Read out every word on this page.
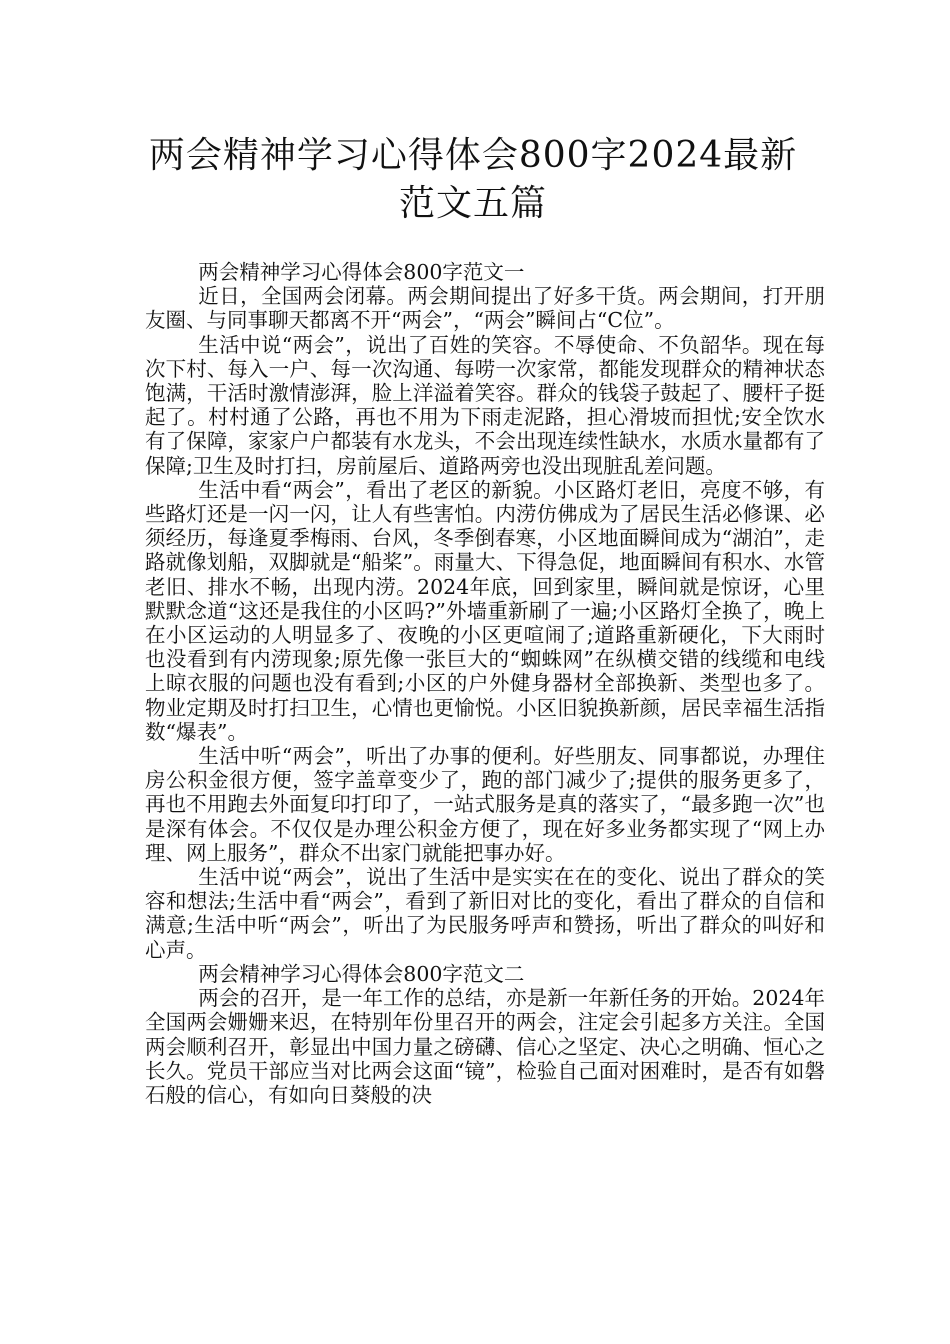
两会精神学习心得体会800字2024最新范文五篇

两会精神学习心得体会800字范文一

近日，全国两会闭幕。两会期间提出了好多干货。两会期间，打开朋友圈、与同事聊天都离不开“两会”，“两会”瞬间占“C位”。

生活中说“两会”，说出了百姓的笑容。不辱使命、不负韶华。现在每次下村、每入一户、每一次沟通、每唠一次家常，都能发现群众的精神状态饱满，干活时激情澎湃，脸上洋溢着笑容。群众的钱袋子鼓起了、腰杆子挺起了。村村通了公路，再也不用为下雨走泥路，担心滑坡而担忧;安全饮水有了保障，家家户户都装有水龙头，不会出现连续性缺水，水质水量都有了保障;卫生及时打扫，房前屋后、道路两旁也没出现脏乱差问题。

生活中看“两会”，看出了老区的新貌。小区路灯老旧，亮度不够，有些路灯还是一闪一闪，让人有些害怕。内涝仿佛成为了居民生活必修课、必须经历，每逢夏季梅雨、台风，冬季倒春寒，小区地面瞬间成为“湖泊”，走路就像划船，双脚就是“船桨”。雨量大、下得急促，地面瞬间有积水、水管老旧、排水不畅，出现内涝。2024年底，回到家里，瞬间就是惊讶，心里默默念道“这还是我住的小区吗?”外墙重新刷了一遍;小区路灯全换了，晚上在小区运动的人明显多了、夜晚的小区更喧闹了;道路重新硬化，下大雨时也没看到有内涝现象;原先像一张巨大的“蜘蛛网”在纵横交错的线缆和电线上晾衣服的问题也没有看到;小区的户外健身器材全部换新、类型也多了。物业定期及时打扫卫生，心情也更愉悦。小区旧貌换新颜，居民幸福生活指数“爆表”。

生活中听“两会”，听出了办事的便利。好些朋友、同事都说，办理住房公积金很方便，签字盖章变少了，跑的部门减少了;提供的服务更多了，再也不用跑去外面复印打印了，一站式服务是真的落实了，“最多跑一次”也是深有体会。不仅仅是办理公积金方便了，现在好多业务都实现了“网上办理、网上服务”，群众不出家门就能把事办好。

生活中说“两会”，说出了生活中是实实在在的变化、说出了群众的笑容和想法;生活中看“两会”，看到了新旧对比的变化，看出了群众的自信和满意;生活中听“两会”，听出了为民服务呼声和赞扬，听出了群众的叫好和心声。

两会精神学习心得体会800字范文二

两会的召开，是一年工作的总结，亦是新一年新任务的开始。2024年全国两会姗姗来迟，在特别年份里召开的两会，注定会引起多方关注。全国两会顺利召开，彰显出中国力量之磅礴、信心之坚定、决心之明确、恒心之长久。党员干部应当对比两会这面“镜”，检验自己面对困难时，是否有如磐石般的信心，有如向日葵般的决
